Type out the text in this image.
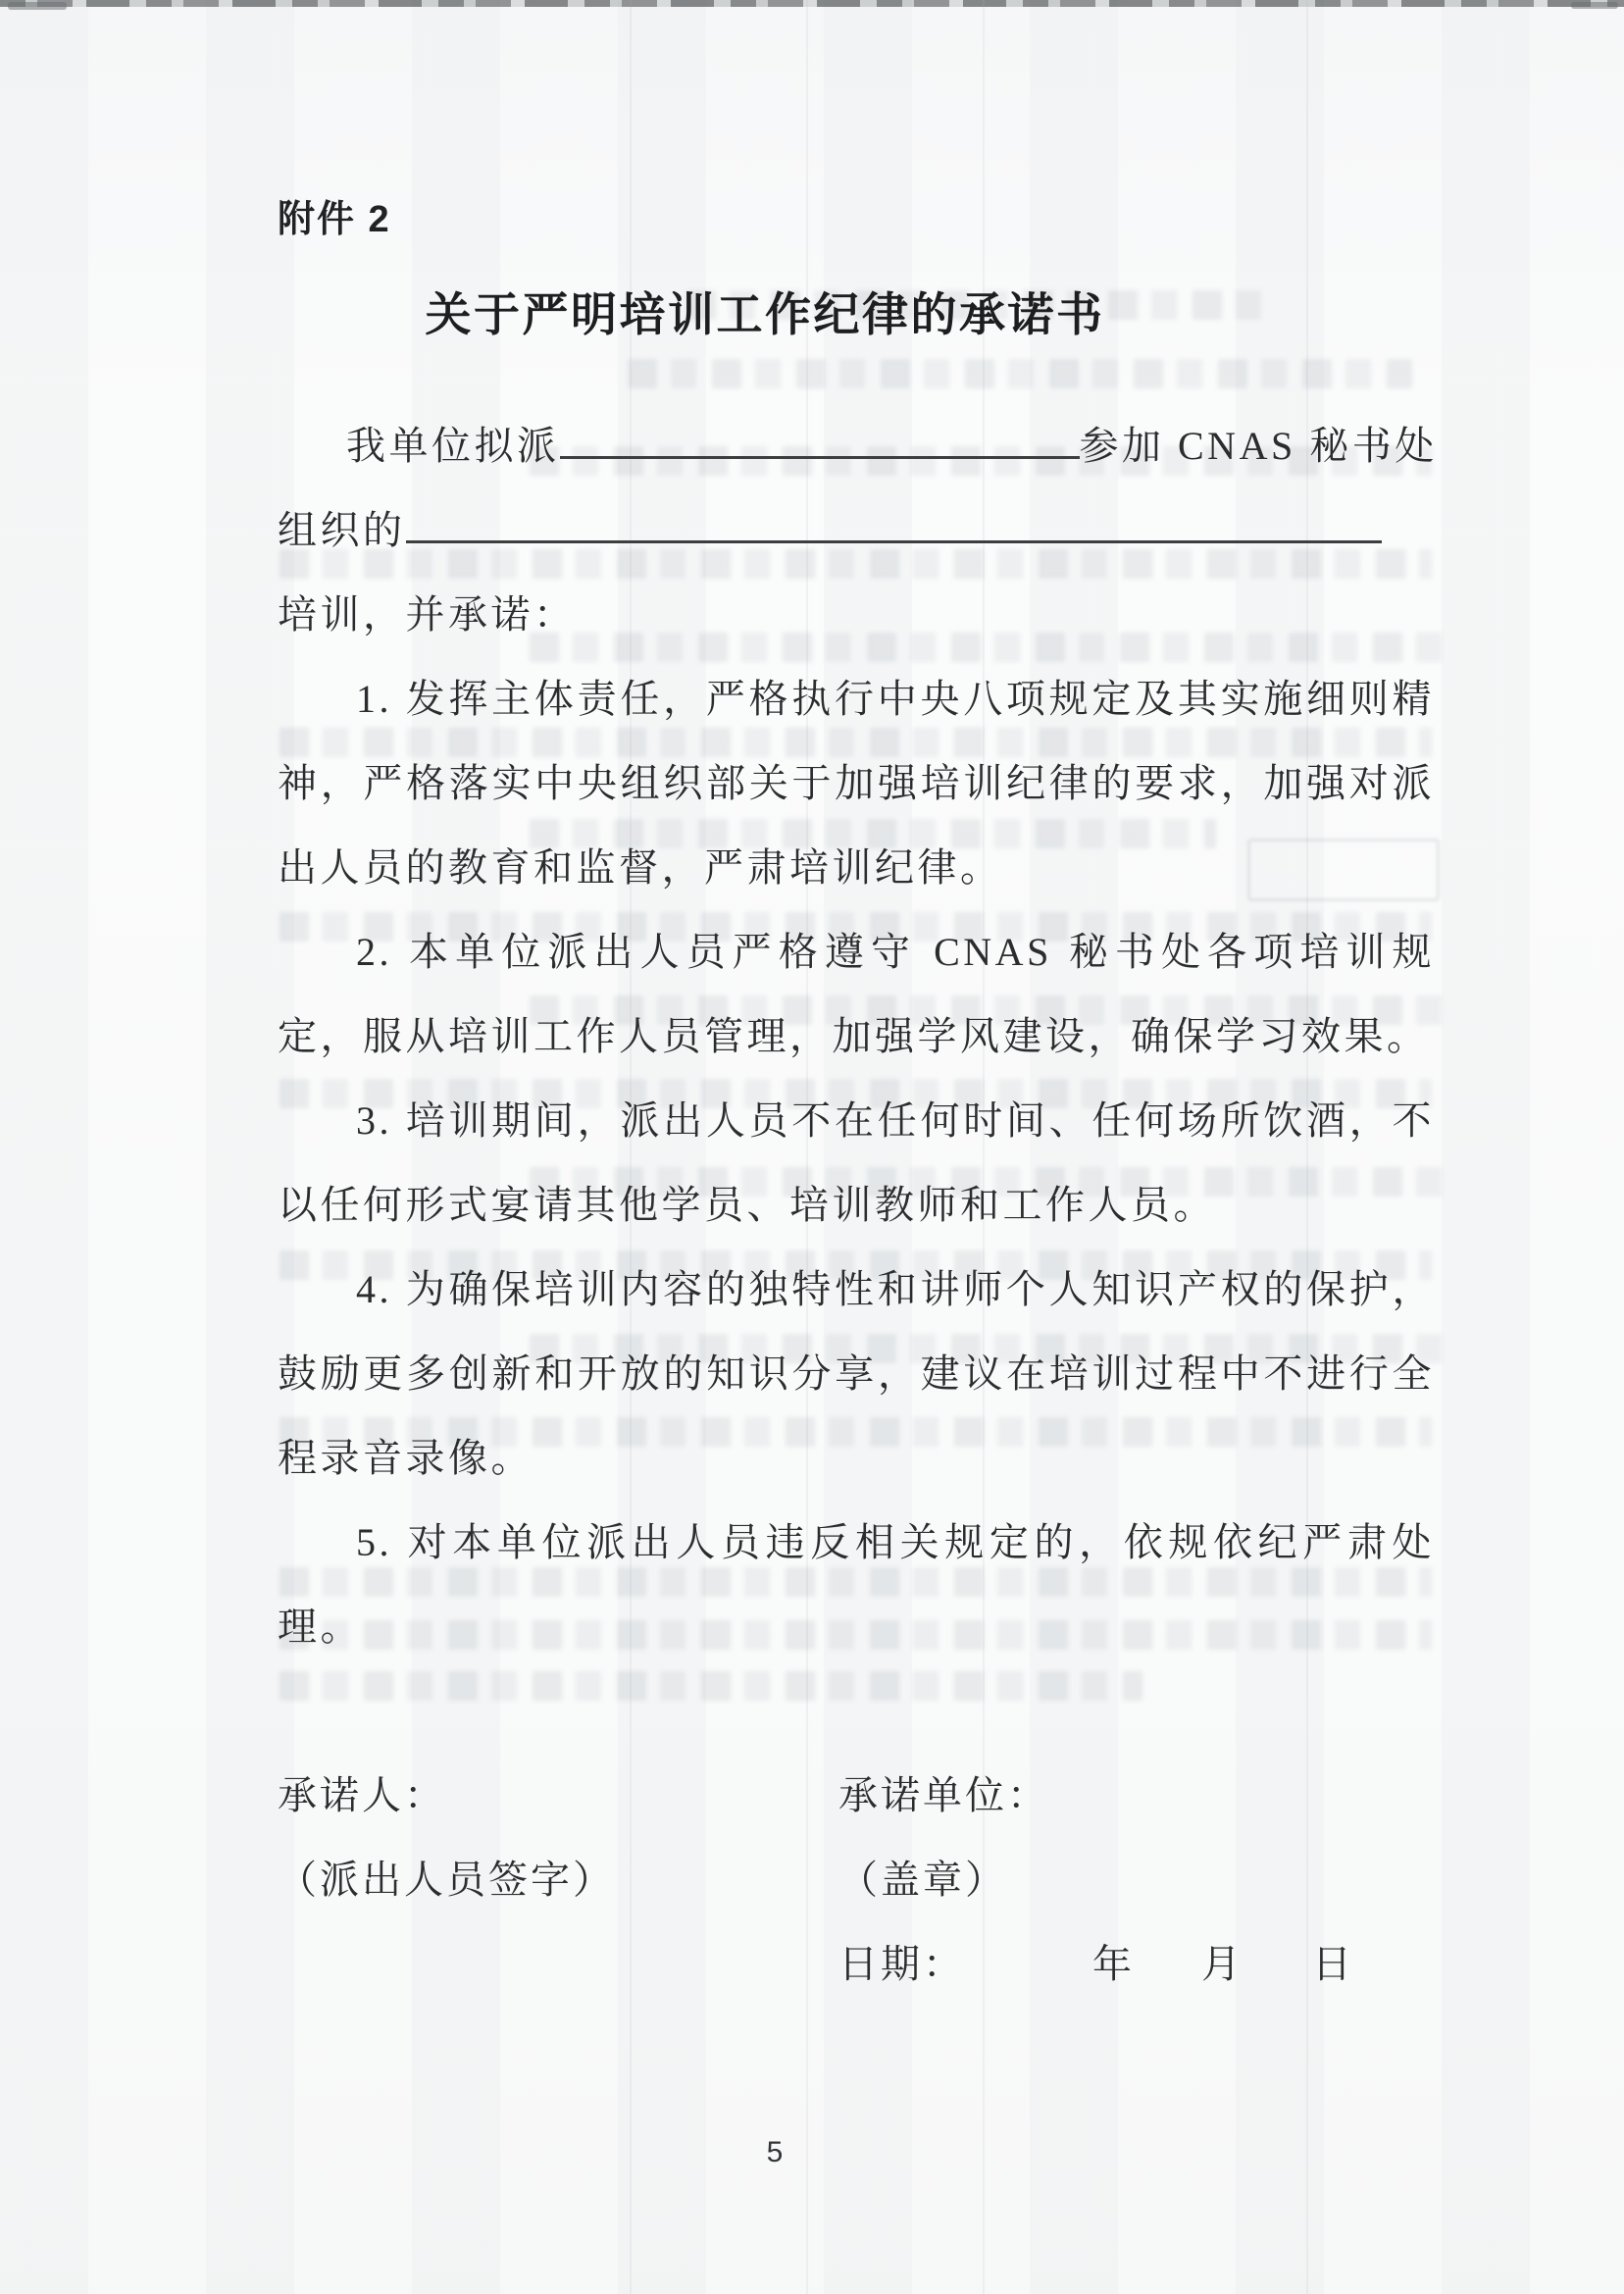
附件 2
关于严明培训工作纪律的承诺书
我单位拟派	参加 CNAS 秘书处
组织的
培训，并承诺：

1. 发挥主体责任，严格执行中央八项规定及其实施细则精神，严格落实中央组织部关于加强培训纪律的要求，加强对派出人员的教育和监督，严肃培训纪律。

2. 本单位派出人员严格遵守 CNAS 秘书处各项培训规定，服从培训工作人员管理，加强学风建设，确保学习效果。

3. 培训期间，派出人员不在任何时间、任何场所饮酒，不以任何形式宴请其他学员、培训教师和工作人员。

4. 为确保培训内容的独特性和讲师个人知识产权的保护，鼓励更多创新和开放的知识分享，建议在培训过程中不进行全程录音录像。

5. 对本单位派出人员违反相关规定的，依规依纪严肃处理。

承诺人：	承诺单位：
（派出人员签字）	（盖章）
日期：	年 月 日
5
